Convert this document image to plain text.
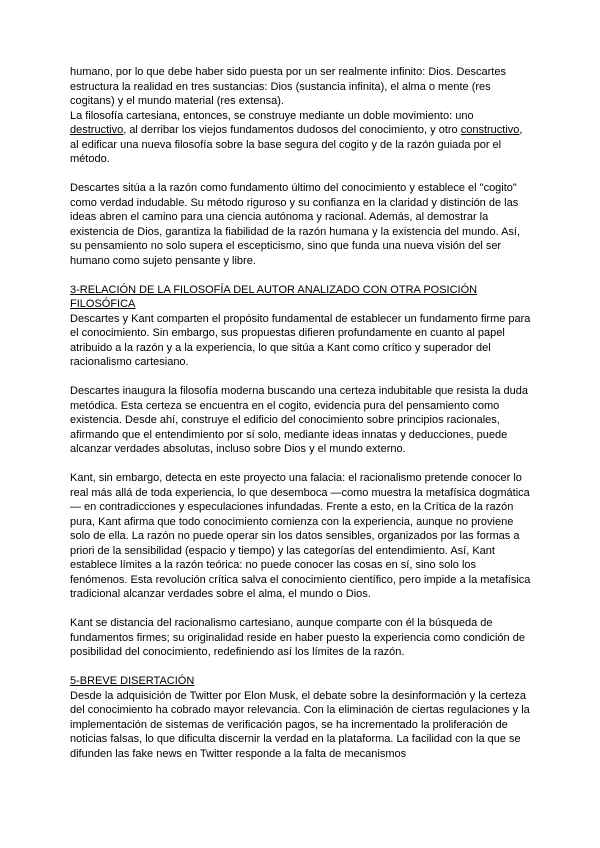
humano, por lo que debe haber sido puesta por un ser realmente infinito: Dios. Descartes estructura la realidad en tres sustancias: Dios (sustancia infinita), el alma o mente (res cogitans) y el mundo material (res extensa).

La filosofía cartesiana, entonces, se construye mediante un doble movimiento: uno destructivo, al derribar los viejos fundamentos dudosos del conocimiento, y otro constructivo, al edificar una nueva filosofía sobre la base segura del cogito y de la razón guiada por el método.

Descartes sitúa a la razón como fundamento último del conocimiento y establece el "cogito" como verdad indudable. Su método riguroso y su confianza en la claridad y distinción de las ideas abren el camino para una ciencia autónoma y racional. Además, al demostrar la existencia de Dios, garantiza la fiabilidad de la razón humana y la existencia del mundo. Así, su pensamiento no solo supera el escepticismo, sino que funda una nueva visión del ser humano como sujeto pensante y libre.

3-RELACIÓN DE LA FILOSOFÍA DEL AUTOR ANALIZADO CON OTRA POSICIÓN FILOSÓFICA

Descartes y Kant comparten el propósito fundamental de establecer un fundamento firme para el conocimiento. Sin embargo, sus propuestas difieren profundamente en cuanto al papel atribuido a la razón y a la experiencia, lo que sitúa a Kant como crítico y superador del racionalismo cartesiano.

Descartes inaugura la filosofía moderna buscando una certeza indubitable que resista la duda metódica. Esta certeza se encuentra en el cogito, evidencia pura del pensamiento como existencia. Desde ahí, construye el edificio del conocimiento sobre principios racionales, afirmando que el entendimiento por sí solo, mediante ideas innatas y deducciones, puede alcanzar verdades absolutas, incluso sobre Dios y el mundo externo.

Kant, sin embargo, detecta en este proyecto una falacia: el racionalismo pretende conocer lo real más allá de toda experiencia, lo que desemboca —como muestra la metafísica dogmática— en contradicciones y especulaciones infundadas. Frente a esto, en la Crítica de la razón pura, Kant afirma que todo conocimiento comienza con la experiencia, aunque no proviene solo de ella. La razón no puede operar sin los datos sensibles, organizados por las formas a priori de la sensibilidad (espacio y tiempo) y las categorías del entendimiento. Así, Kant establece límites a la razón teórica: no puede conocer las cosas en sí, sino solo los fenómenos. Esta revolución crítica salva el conocimiento científico, pero impide a la metafísica tradicional alcanzar verdades sobre el alma, el mundo o Dios.

Kant se distancia del racionalismo cartesiano, aunque comparte con él la búsqueda de fundamentos firmes; su originalidad reside en haber puesto la experiencia como condición de posibilidad del conocimiento, redefiniendo así los límites de la razón.

5-BREVE DISERTACIÓN

Desde la adquisición de Twitter por Elon Musk, el debate sobre la desinformación y la certeza del conocimiento ha cobrado mayor relevancia. Con la eliminación de ciertas regulaciones y la implementación de sistemas de verificación pagos, se ha incrementado la proliferación de noticias falsas, lo que dificulta discernir la verdad en la plataforma. La facilidad con la que se difunden las fake news en Twitter responde a la falta de mecanismos
